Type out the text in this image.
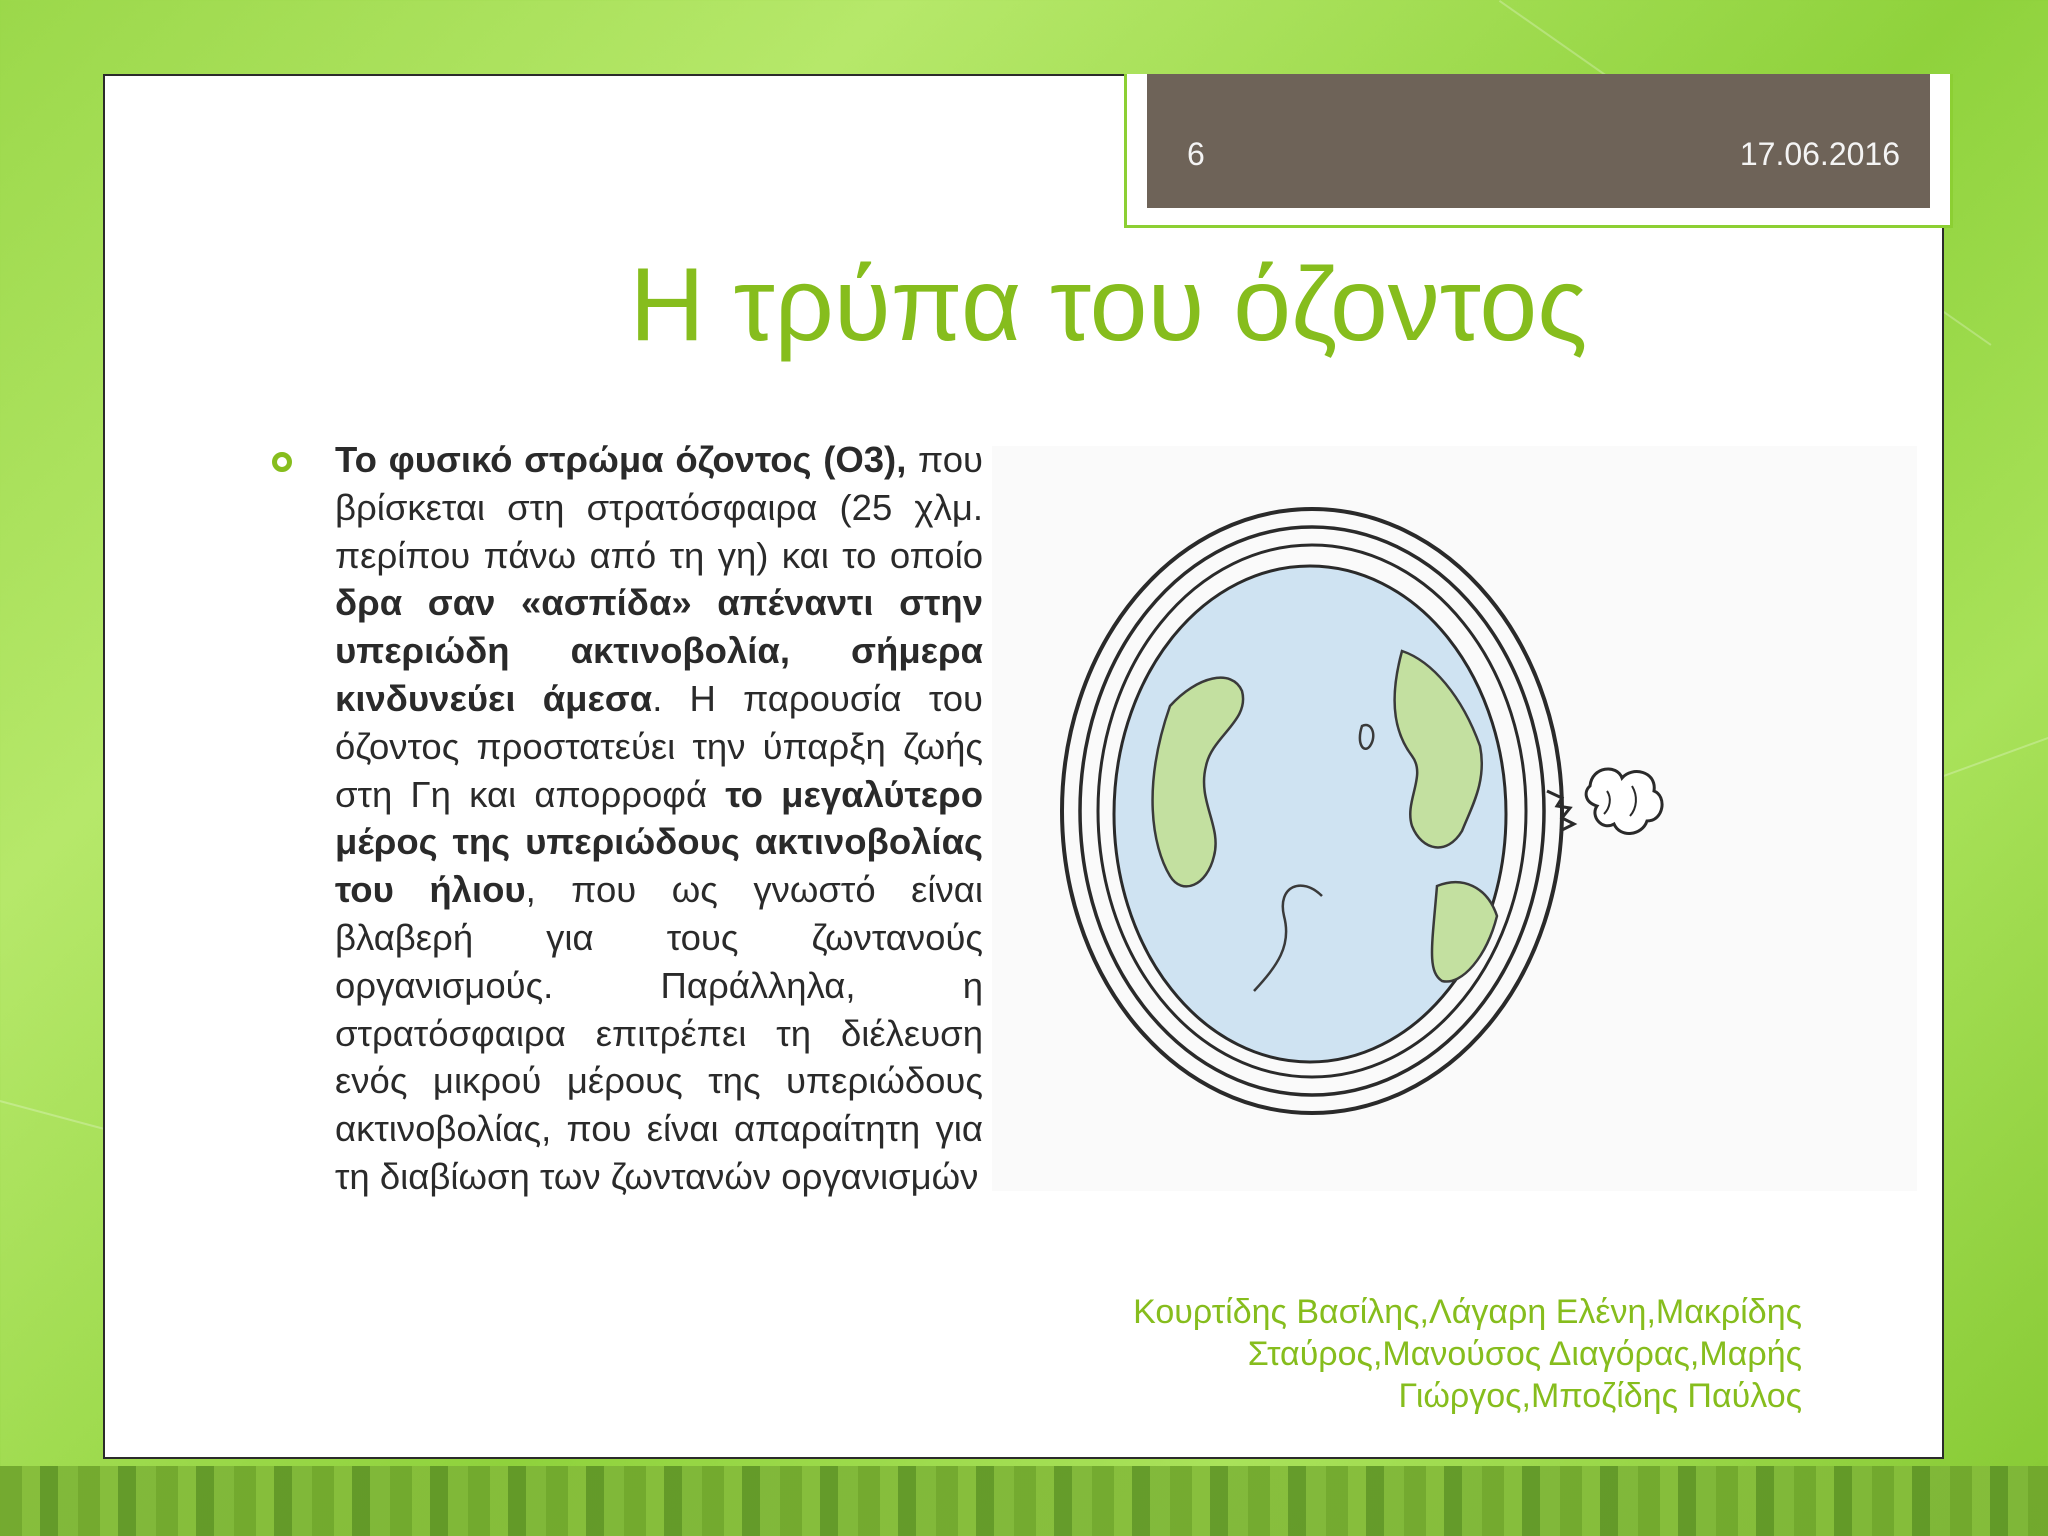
6	17.06.2016
Η τρύπα του όζοντος

Το φυσικό στρώμα όζοντος (Ο3), που βρίσκεται στη στρατόσφαιρα (25 χλμ. περίπου πάνω από τη γη) και το οποίο δρα σαν «ασπίδα» απέναντι στην υπεριώδη ακτινοβολία, σήμερα κινδυνεύει άμεσα. Η παρουσία του όζοντος προστατεύει την ύπαρξη ζωής στη Γη και απορροφά το μεγαλύτερο μέρος της υπεριώδους ακτινοβολίας του ήλιου, που ως γνωστό είναι βλαβερή για τους ζωντανούς οργανισμούς. Παράλληλα, η στρατόσφαιρα επιτρέπει τη διέλευση ενός μικρού μέρους της υπεριώδους ακτινοβολίας, που είναι απαραίτητη για τη διαβίωση των ζωντανών οργανισμών

Κουρτίδης Βασίλης,Λάγαρη Ελένη,Μακρίδης Σταύρος,Μανούσος Διαγόρας,Μαρής Γιώργος,Μποζίδης Παύλος
